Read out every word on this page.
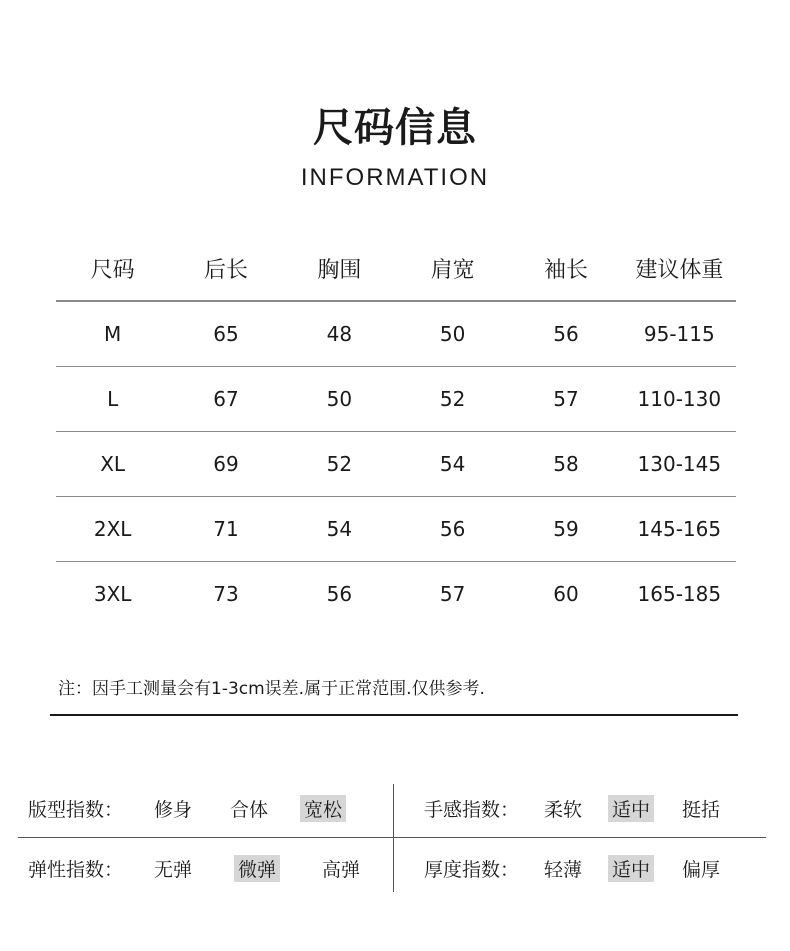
尺码信息
INFORMATION
尺码	后长	胸围	肩宽	袖长	建议体重
M	65	48	50	56	95-115
L	67	50	52	57	110-130
XL	69	52	54	58	130-145
2XL	71	54	56	59	145-165
3XL	73	56	57	60	165-185
注：因手工测量会有1-3cm误差.属于正常范围.仅供参考.
版型指数： 修身 合体 宽松	手感指数： 柔软 适中 挺括
弹性指数： 无弹 微弹 高弹	厚度指数： 轻薄 适中 偏厚
